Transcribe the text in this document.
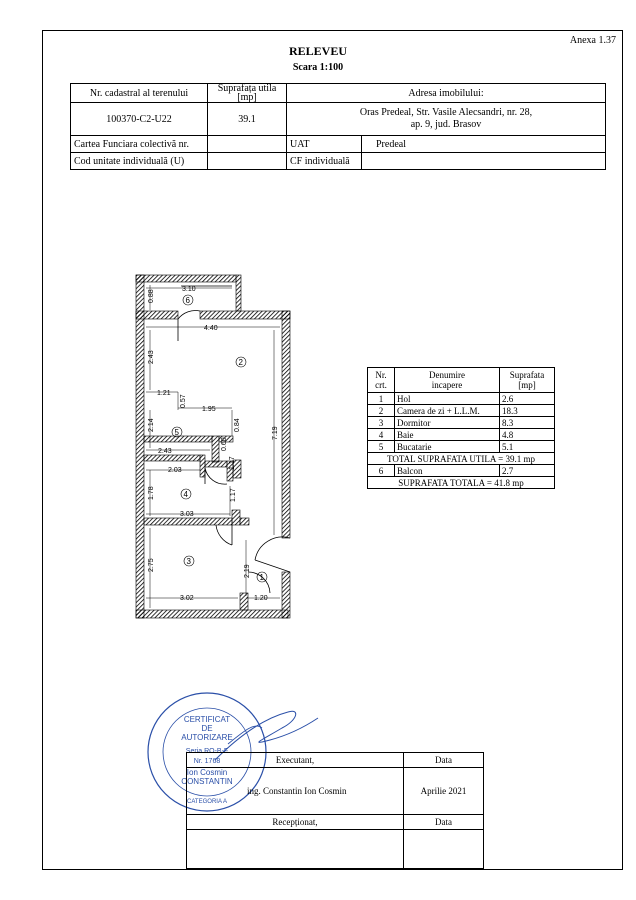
Anexa 1.37
RELEVEU
Scara 1:100
Nr. cadastral al terenului	Suprafața utila
[mp]	Adresa imobilului:	
100370-C2-U22	39.1	Oras Predeal, Str. Vasile Alecsandri, nr. 28,
ap. 9, jud. Brasov	
Cartea Funciara colectivă nr.		UAT	Predeal
Cod unitate individuală (U)		CF individuală	
3.10
0.88
4.40
2.43
1.21
0.57
1.95
0.84
7.19
2.14
2.43
0.60
1.17
2.03
1.78	1.17
3.03
2.75	2.19
3.02	1.20
6
2
5
4
3
1
CERTIFICAT
DE
AUTORIZARE
Seria RO-B-F
Nr. 1768
Ion Cosmin
CONSTANTIN
CATEGORIA A
Nr.
crt.	Denumire
incapere	Suprafata
[mp]
1	Hol	2.6
2	Camera de zi + L.L.M.	18.3
3	Dormitor	8.3
4	Baie	4.8
5	Bucatarie	5.1
TOTAL SUPRAFATA UTILA = 39.1 mp		
6	Balcon	2.7
SUPRAFATA TOTALA = 41.8 mp		
Executant,	Data
ing. Constantin Ion Cosmin	Aprilie 2021
Recepționat,	Data
